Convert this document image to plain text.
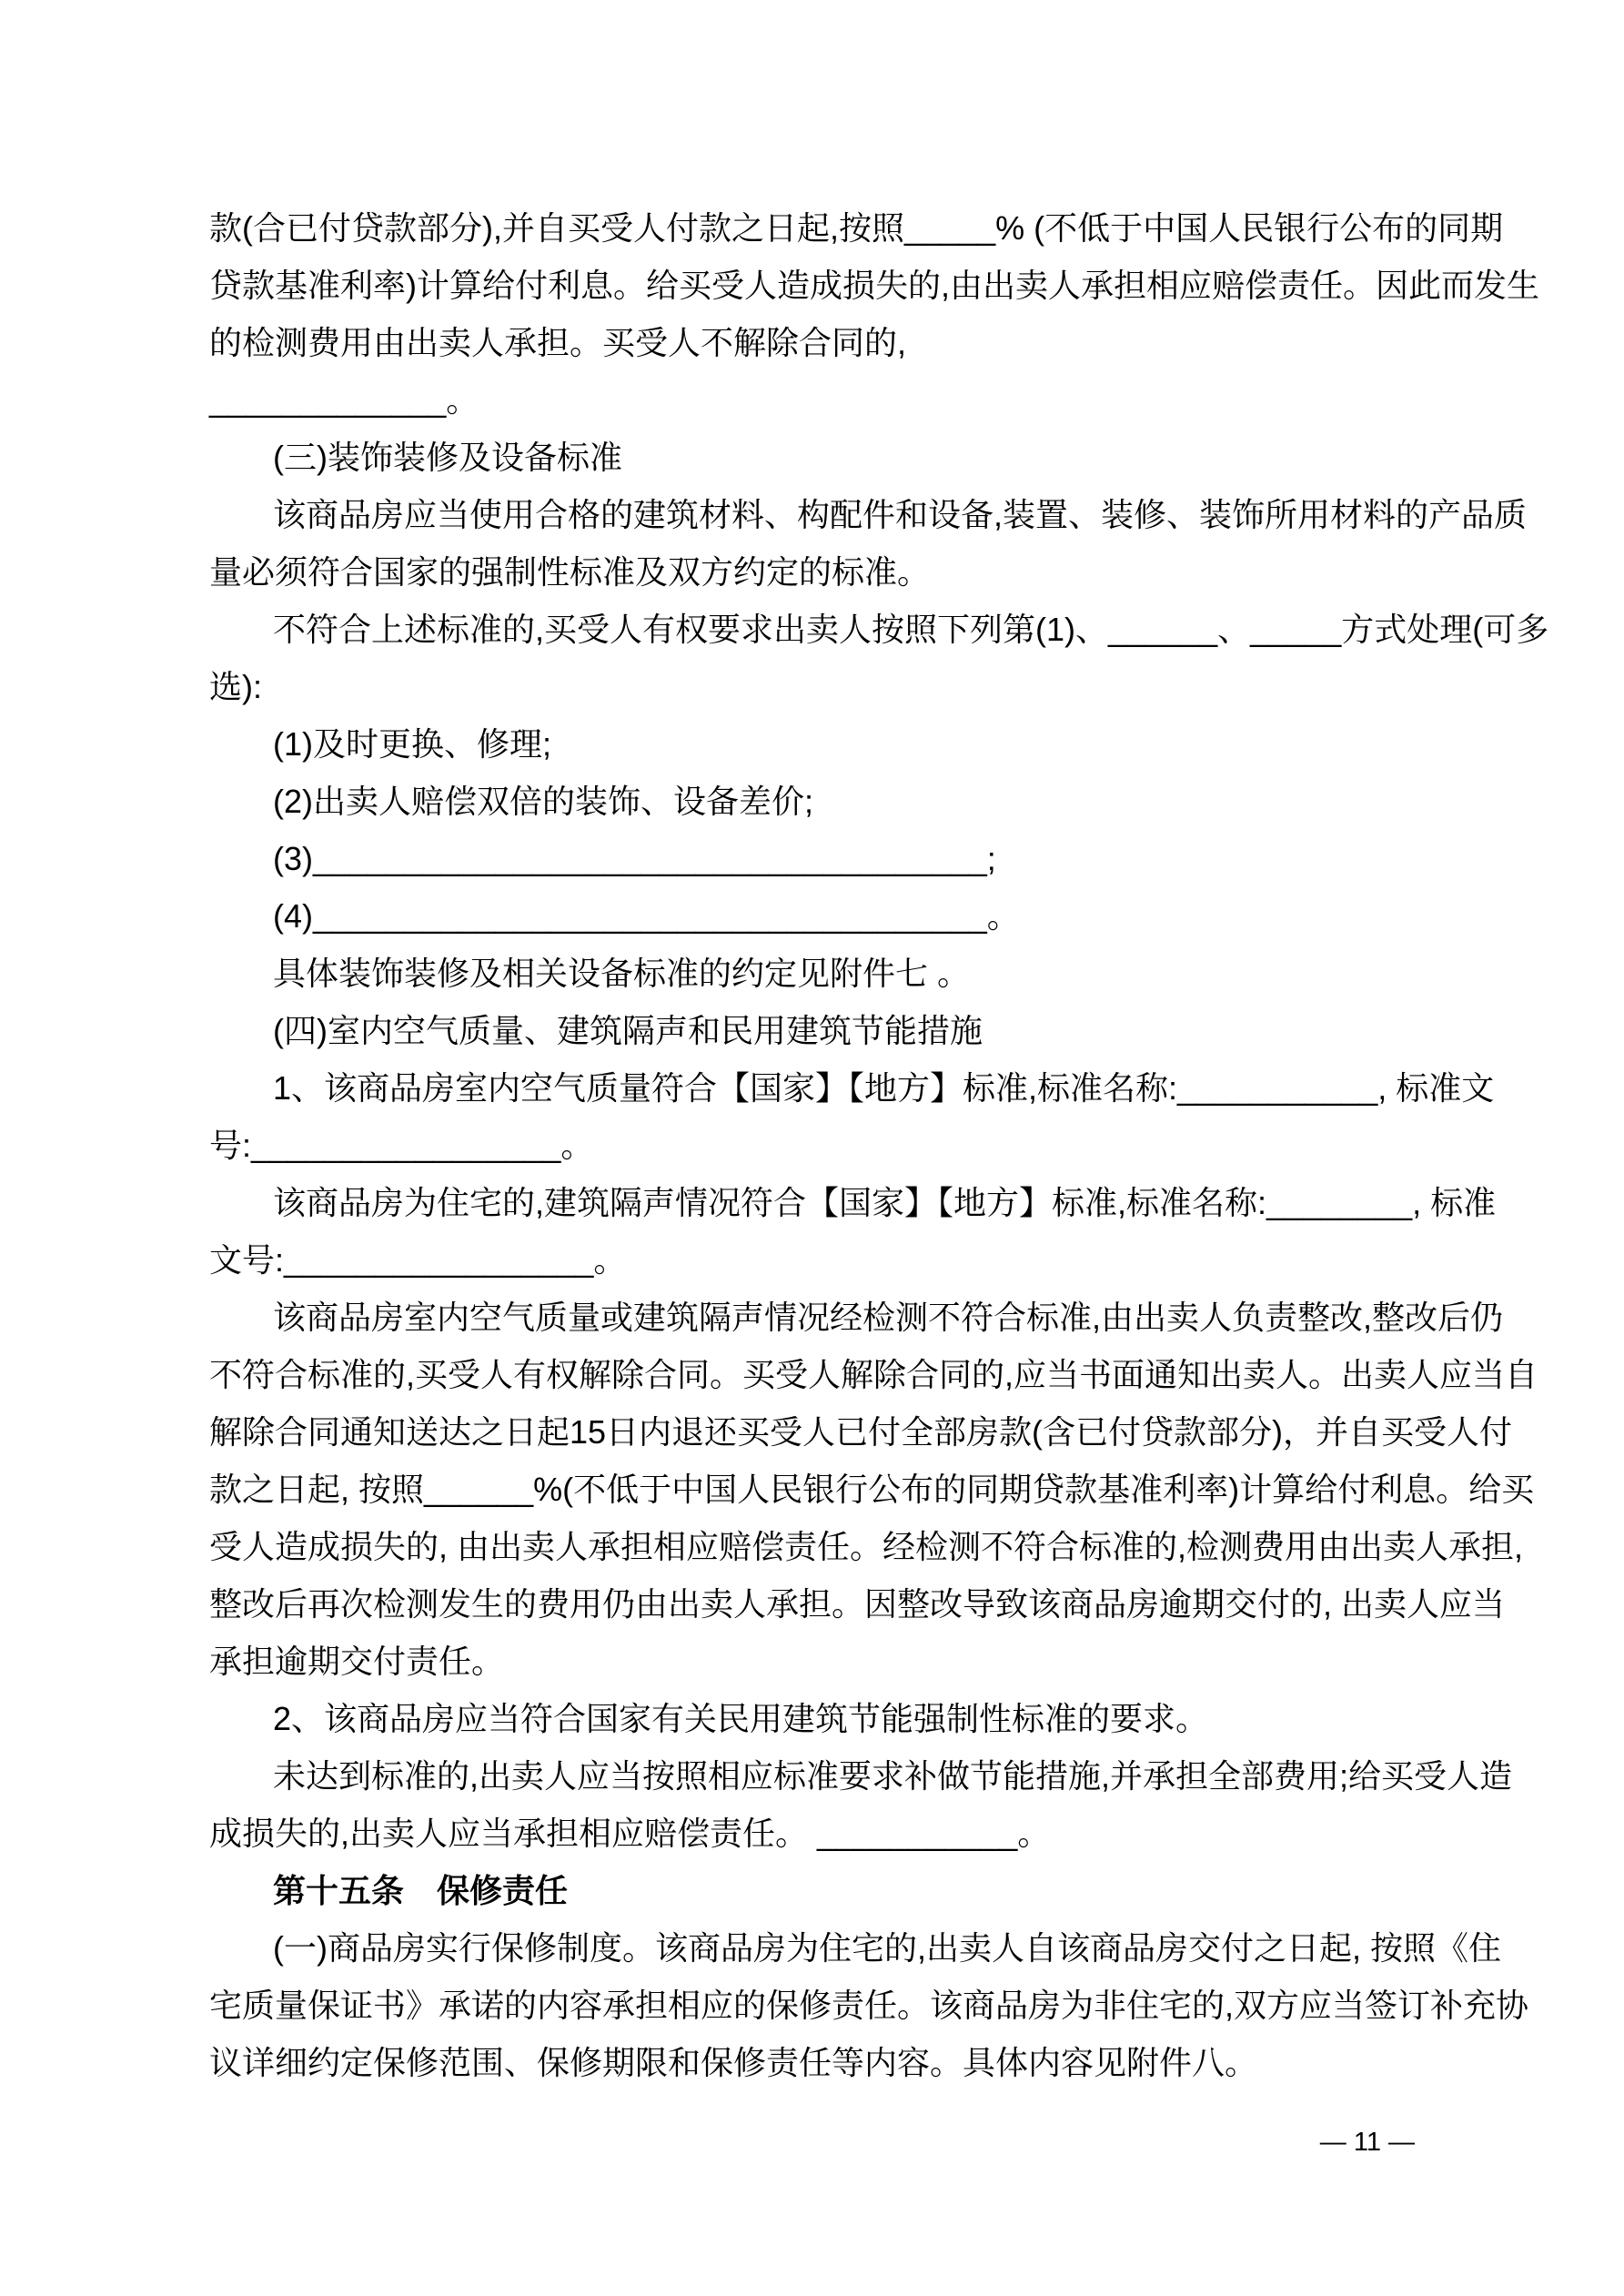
款(合已付贷款部分),并自买受人付款之日起,按照_____% (不低于中国人民银行公布的同期
贷款基准利率)计算给付利息。给买受人造成损失的,由出卖人承担相应赔偿责任。因此而发生
的检测费用由出卖人承担。买受人不解除合同的,
_____________。
(三)装饰装修及设备标准
该商品房应当使用合格的建筑材料、构配件和设备,装置、装修、装饰所用材料的产品质
量必须符合国家的强制性标准及双方约定的标准。
不符合上述标准的,买受人有权要求出卖人按照下列第(1)、______、_____方式处理(可多
选):
(1)及时更换、修理;
(2)出卖人赔偿双倍的装饰、设备差价;
(3)_____________________________________;
(4)_____________________________________。
具体装饰装修及相关设备标准的约定见附件七 。
(四)室内空气质量、建筑隔声和民用建筑节能措施
1、该商品房室内空气质量符合【国家】【地方】标准,标准名称:___________, 标准文
号:_________________。
该商品房为住宅的,建筑隔声情况符合【国家】【地方】标准,标准名称:________, 标准
文号:_________________。
该商品房室内空气质量或建筑隔声情况经检测不符合标准,由出卖人负责整改,整改后仍
不符合标准的,买受人有权解除合同。买受人解除合同的,应当书面通知出卖人。出卖人应当自
解除合同通知送达之日起15日内退还买受人已付全部房款(含已付贷款部分)，并自买受人付
款之日起, 按照______%(不低于中国人民银行公布的同期贷款基准利率)计算给付利息。给买
受人造成损失的, 由出卖人承担相应赔偿责任。经检测不符合标准的,检测费用由出卖人承担,
整改后再次检测发生的费用仍由出卖人承担。因整改导致该商品房逾期交付的, 出卖人应当
承担逾期交付责任。
2、该商品房应当符合国家有关民用建筑节能强制性标准的要求。
未达到标准的,出卖人应当按照相应标准要求补做节能措施,并承担全部费用;给买受人造
成损失的,出卖人应当承担相应赔偿责任。 ___________。
第十五条　保修责任
(一)商品房实行保修制度。该商品房为住宅的,出卖人自该商品房交付之日起, 按照《住
宅质量保证书》承诺的内容承担相应的保修责任。该商品房为非住宅的,双方应当签订补充协
议详细约定保修范围、保修期限和保修责任等内容。具体内容见附件八。
— 11 —
